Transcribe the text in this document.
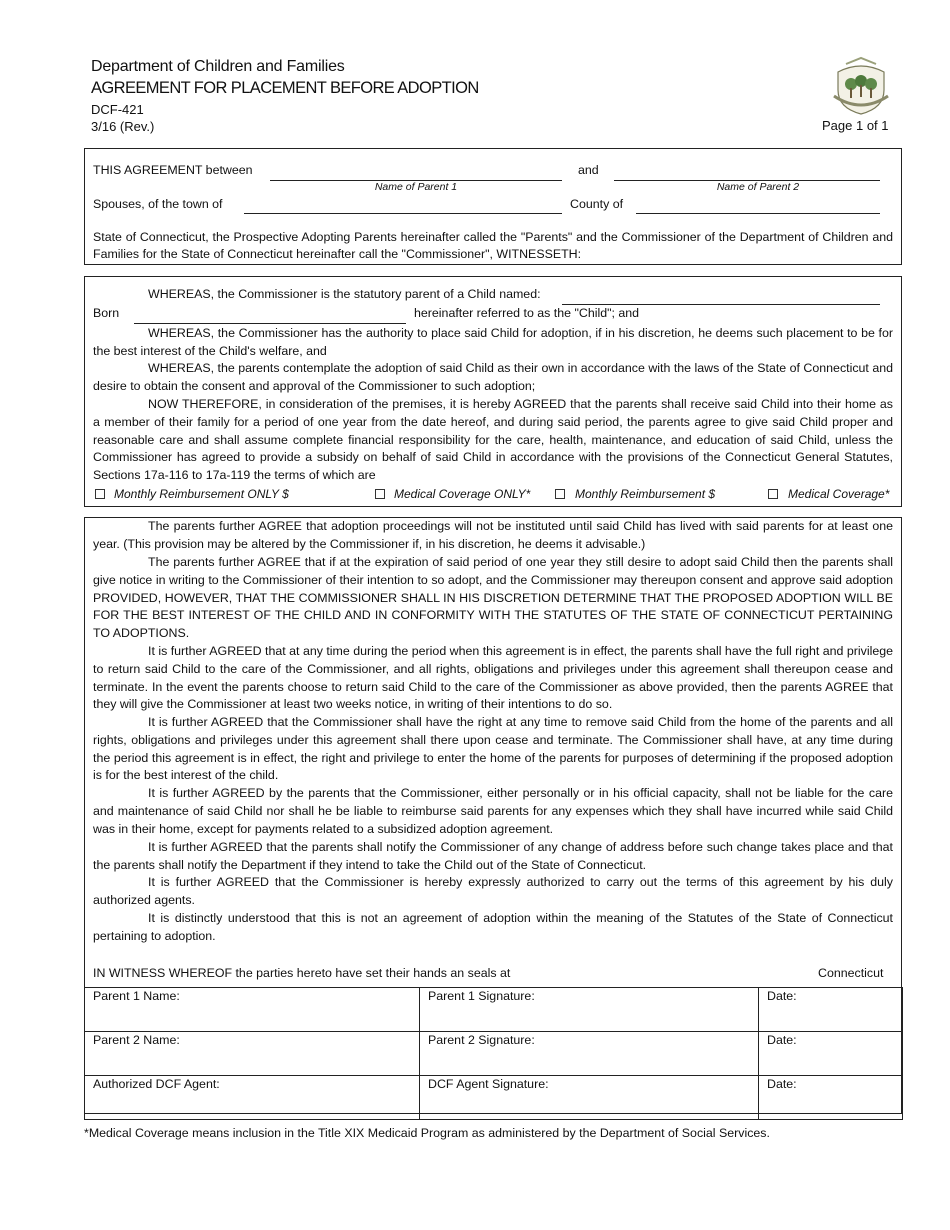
Department of Children and Families
AGREEMENT FOR PLACEMENT BEFORE ADOPTION
DCF-421
3/16 (Rev.)	Page 1 of 1
THIS AGREEMENT between
Name of Parent 1
and
Name of Parent 2
Spouses, of the town of	County of
State of Connecticut, the Prospective Adopting Parents hereinafter called the "Parents" and the Commissioner of the Department of Children and Families for the State of Connecticut hereinafter call the "Commissioner", WITNESSETH:
WHEREAS, the Commissioner is the statutory parent of a Child named:
Born	hereinafter referred to as the "Child"; and
WHEREAS, the Commissioner has the authority to place said Child for adoption, if in his discretion, he deems such placement to be for the best interest of the Child's welfare, and
WHEREAS, the parents contemplate the adoption of said Child as their own in accordance with the laws of the State of Connecticut and desire to obtain the consent and approval of the Commissioner to such adoption;
NOW THEREFORE, in consideration of the premises, it is hereby AGREED that the parents shall receive said Child into their home as a member of their family for a period of one year from the date hereof, and during said period, the parents agree to give said Child proper and reasonable care and shall assume complete financial responsibility for the care, health, maintenance, and education of said Child, unless the Commissioner has agreed to provide a subsidy on behalf of said Child in accordance with the provisions of the Connecticut General Statutes, Sections 17a-116 to 17a-119 the terms of which are
Monthly Reimbursement ONLY $	Medical Coverage ONLY*	Monthly Reimbursement $	Medical Coverage*
The parents further AGREE that adoption proceedings will not be instituted until said Child has lived with said parents for at least one year. (This provision may be altered by the Commissioner if, in his discretion, he deems it advisable.)
The parents further AGREE that if at the expiration of said period of one year they still desire to adopt said Child then the parents shall give notice in writing to the Commissioner of their intention to so adopt, and the Commissioner may thereupon consent and approve said adoption PROVIDED, HOWEVER, THAT THE COMMISSIONER SHALL IN HIS DISCRETION DETERMINE THAT THE PROPOSED ADOPTION WILL BE FOR THE BEST INTEREST OF THE CHILD AND IN CONFORMITY WITH THE STATUTES OF THE STATE OF CONNECTICUT PERTAINING TO ADOPTIONS.
It is further AGREED that at any time during the period when this agreement is in effect, the parents shall have the full right and privilege to return said Child to the care of the Commissioner, and all rights, obligations and privileges under this agreement shall thereupon cease and terminate. In the event the parents choose to return said Child to the care of the Commissioner as above provided, then the parents AGREE that they will give the Commissioner at least two weeks notice, in writing of their intentions to do so.
It is further AGREED that the Commissioner shall have the right at any time to remove said Child from the home of the parents and all rights, obligations and privileges under this agreement shall there upon cease and terminate. The Commissioner shall have, at any time during the period this agreement is in effect, the right and privilege to enter the home of the parents for purposes of determining if the proposed adoption is for the best interest of the child.
It is further AGREED by the parents that the Commissioner, either personally or in his official capacity, shall not be liable for the care and maintenance of said Child nor shall he be liable to reimburse said parents for any expenses which they shall have incurred while said Child was in their home, except for payments related to a subsidized adoption agreement.
It is further AGREED that the parents shall notify the Commissioner of any change of address before such change takes place and that the parents shall notify the Department if they intend to take the Child out of the State of Connecticut.
It is further AGREED that the Commissioner is hereby expressly authorized to carry out the terms of this agreement by his duly authorized agents.
It is distinctly understood that this is not an agreement of adoption within the meaning of the Statutes of the State of Connecticut pertaining to adoption.
IN WITNESS WHEREOF the parties hereto have set their hands an seals at	Connecticut
Parent 1 Name:	Parent 1 Signature:	Date:
Parent 2 Name:	Parent 2 Signature:	Date:
Authorized DCF Agent:	DCF Agent Signature:	Date:
*Medical Coverage means inclusion in the Title XIX Medicaid Program as administered by the Department of Social Services.
